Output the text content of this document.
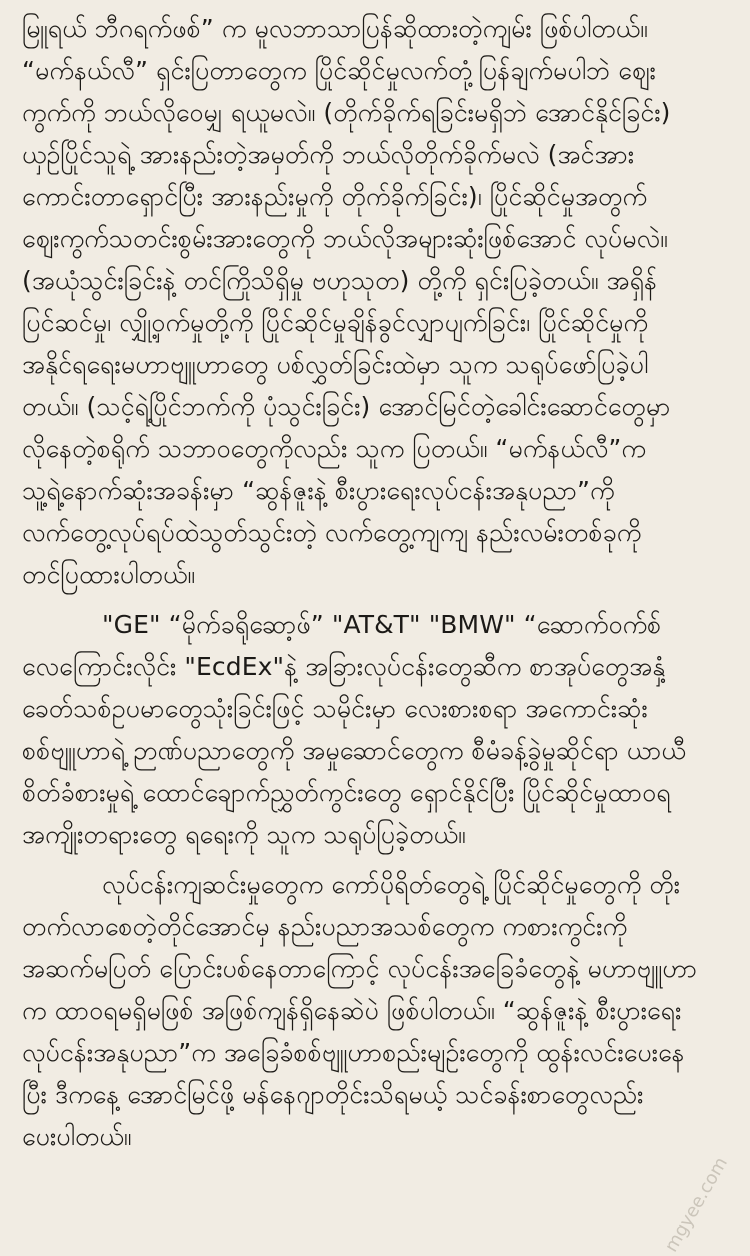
မြူရယ် ဘီဂရက်ဖစ်” က မူလဘာသာပြန်ဆိုထားတဲ့ကျမ်း ဖြစ်ပါတယ်။
“မက်နယ်လီ” ရှင်းပြတာတွေက ပြိုင်ဆိုင်မှုလက်တုံ့ပြန်ချက်မပါဘဲ ဈေး
ကွက်ကို ဘယ်လိုဝေမျှ ရယူမလဲ။ (တိုက်ခိုက်ရခြင်းမရှိဘဲ အောင်နိုင်ခြင်း)
ယှဉ်ပြိုင်သူရဲ့ အားနည်းတဲ့အမှတ်ကို ဘယ်လိုတိုက်ခိုက်မလဲ (အင်အား
ကောင်းတာရှောင်ပြီး အားနည်းမှုကို တိုက်ခိုက်ခြင်း)၊ ပြိုင်ဆိုင်မှုအတွက်
ဈေးကွက်သတင်းစွမ်းအားတွေကို ဘယ်လိုအများဆုံးဖြစ်အောင် လုပ်မလဲ။
(အယုံသွင်းခြင်းနဲ့ တင်ကြိုသိရှိမှု ဗဟုသုတ) တို့ကို ရှင်းပြခဲ့တယ်။ အရှိန်
ပြင်ဆင်မှု၊ လျှို့ဝှက်မှုတို့ကို ပြိုင်ဆိုင်မှုချိန်ခွင်လျှာပျက်ခြင်း၊ ပြိုင်ဆိုင်မှုကို
အနိုင်ရရေးမဟာဗျူဟာတွေ ပစ်လွှတ်ခြင်းထဲမှာ သူက သရုပ်ဖော်ပြခဲ့ပါ
တယ်။ (သင့်ရဲ့ပြိုင်ဘက်ကို ပုံသွင်းခြင်း) အောင်မြင်တဲ့ခေါင်းဆောင်တွေမှာ
လိုနေတဲ့စရိုက် သဘာဝတွေကိုလည်း သူက ပြတယ်။ “မက်နယ်လီ”က
သူ့ရဲ့နောက်ဆုံးအခန်းမှာ “ဆွန်ဇူးနဲ့ စီးပွားရေးလုပ်ငန်းအနုပညာ”ကို
လက်တွေ့လုပ်ရပ်ထဲသွတ်သွင်းတဲ့ လက်တွေ့ကျကျ နည်းလမ်းတစ်ခုကို
တင်ပြထားပါတယ်။
"GE" “မိုက်ခရိုဆော့ဖ်” "AT&T" "BMW" “ဆောက်ဝက်စ်
လေကြောင်းလိုင်း "EcdEx"နဲ့ အခြားလုပ်ငန်းတွေဆီက စာအုပ်တွေအနှံ့
ခေတ်သစ်ဥပမာတွေသုံးခြင်းဖြင့် သမိုင်းမှာ လေးစားစရာ အကောင်းဆုံး
စစ်ဗျူဟာရဲ့ ဉာဏ်ပညာတွေကို အမှုဆောင်တွေက စီမံခန့်ခွဲမှုဆိုင်ရာ ယာယီ
စိတ်ခံစားမှုရဲ့ ထောင်ချောက်ညွှတ်ကွင်းတွေ ရှောင်နိုင်ပြီး ပြိုင်ဆိုင်မှုထာဝရ
အကျိုးတရားတွေ ရရေးကို သူက သရုပ်ပြခဲ့တယ်။
လုပ်ငန်းကျဆင်းမှုတွေက ကော်ပိုရိတ်တွေရဲ့ ပြိုင်ဆိုင်မှုတွေကို တိုး
တက်လာစေတဲ့တိုင်အောင်မှ နည်းပညာအသစ်တွေက ကစားကွင်းကို
အဆက်မပြတ် ပြောင်းပစ်နေတာကြောင့် လုပ်ငန်းအခြေခံတွေနဲ့ မဟာဗျူဟာ
က ထာဝရမရှိမဖြစ် အဖြစ်ကျန်ရှိနေဆဲပဲ ဖြစ်ပါတယ်။ “ဆွန်ဇူးနဲ့ စီးပွားရေး
လုပ်ငန်းအနုပညာ”က အခြေခံစစ်ဗျူဟာစည်းမျဉ်းတွေကို ထွန်းလင်းပေးနေ
ပြီး ဒီကနေ့ အောင်မြင်ဖို့ မန်နေဂျာတိုင်းသိရမယ့် သင်ခန်းစာတွေလည်း
ပေးပါတယ်။
mgyee.com
